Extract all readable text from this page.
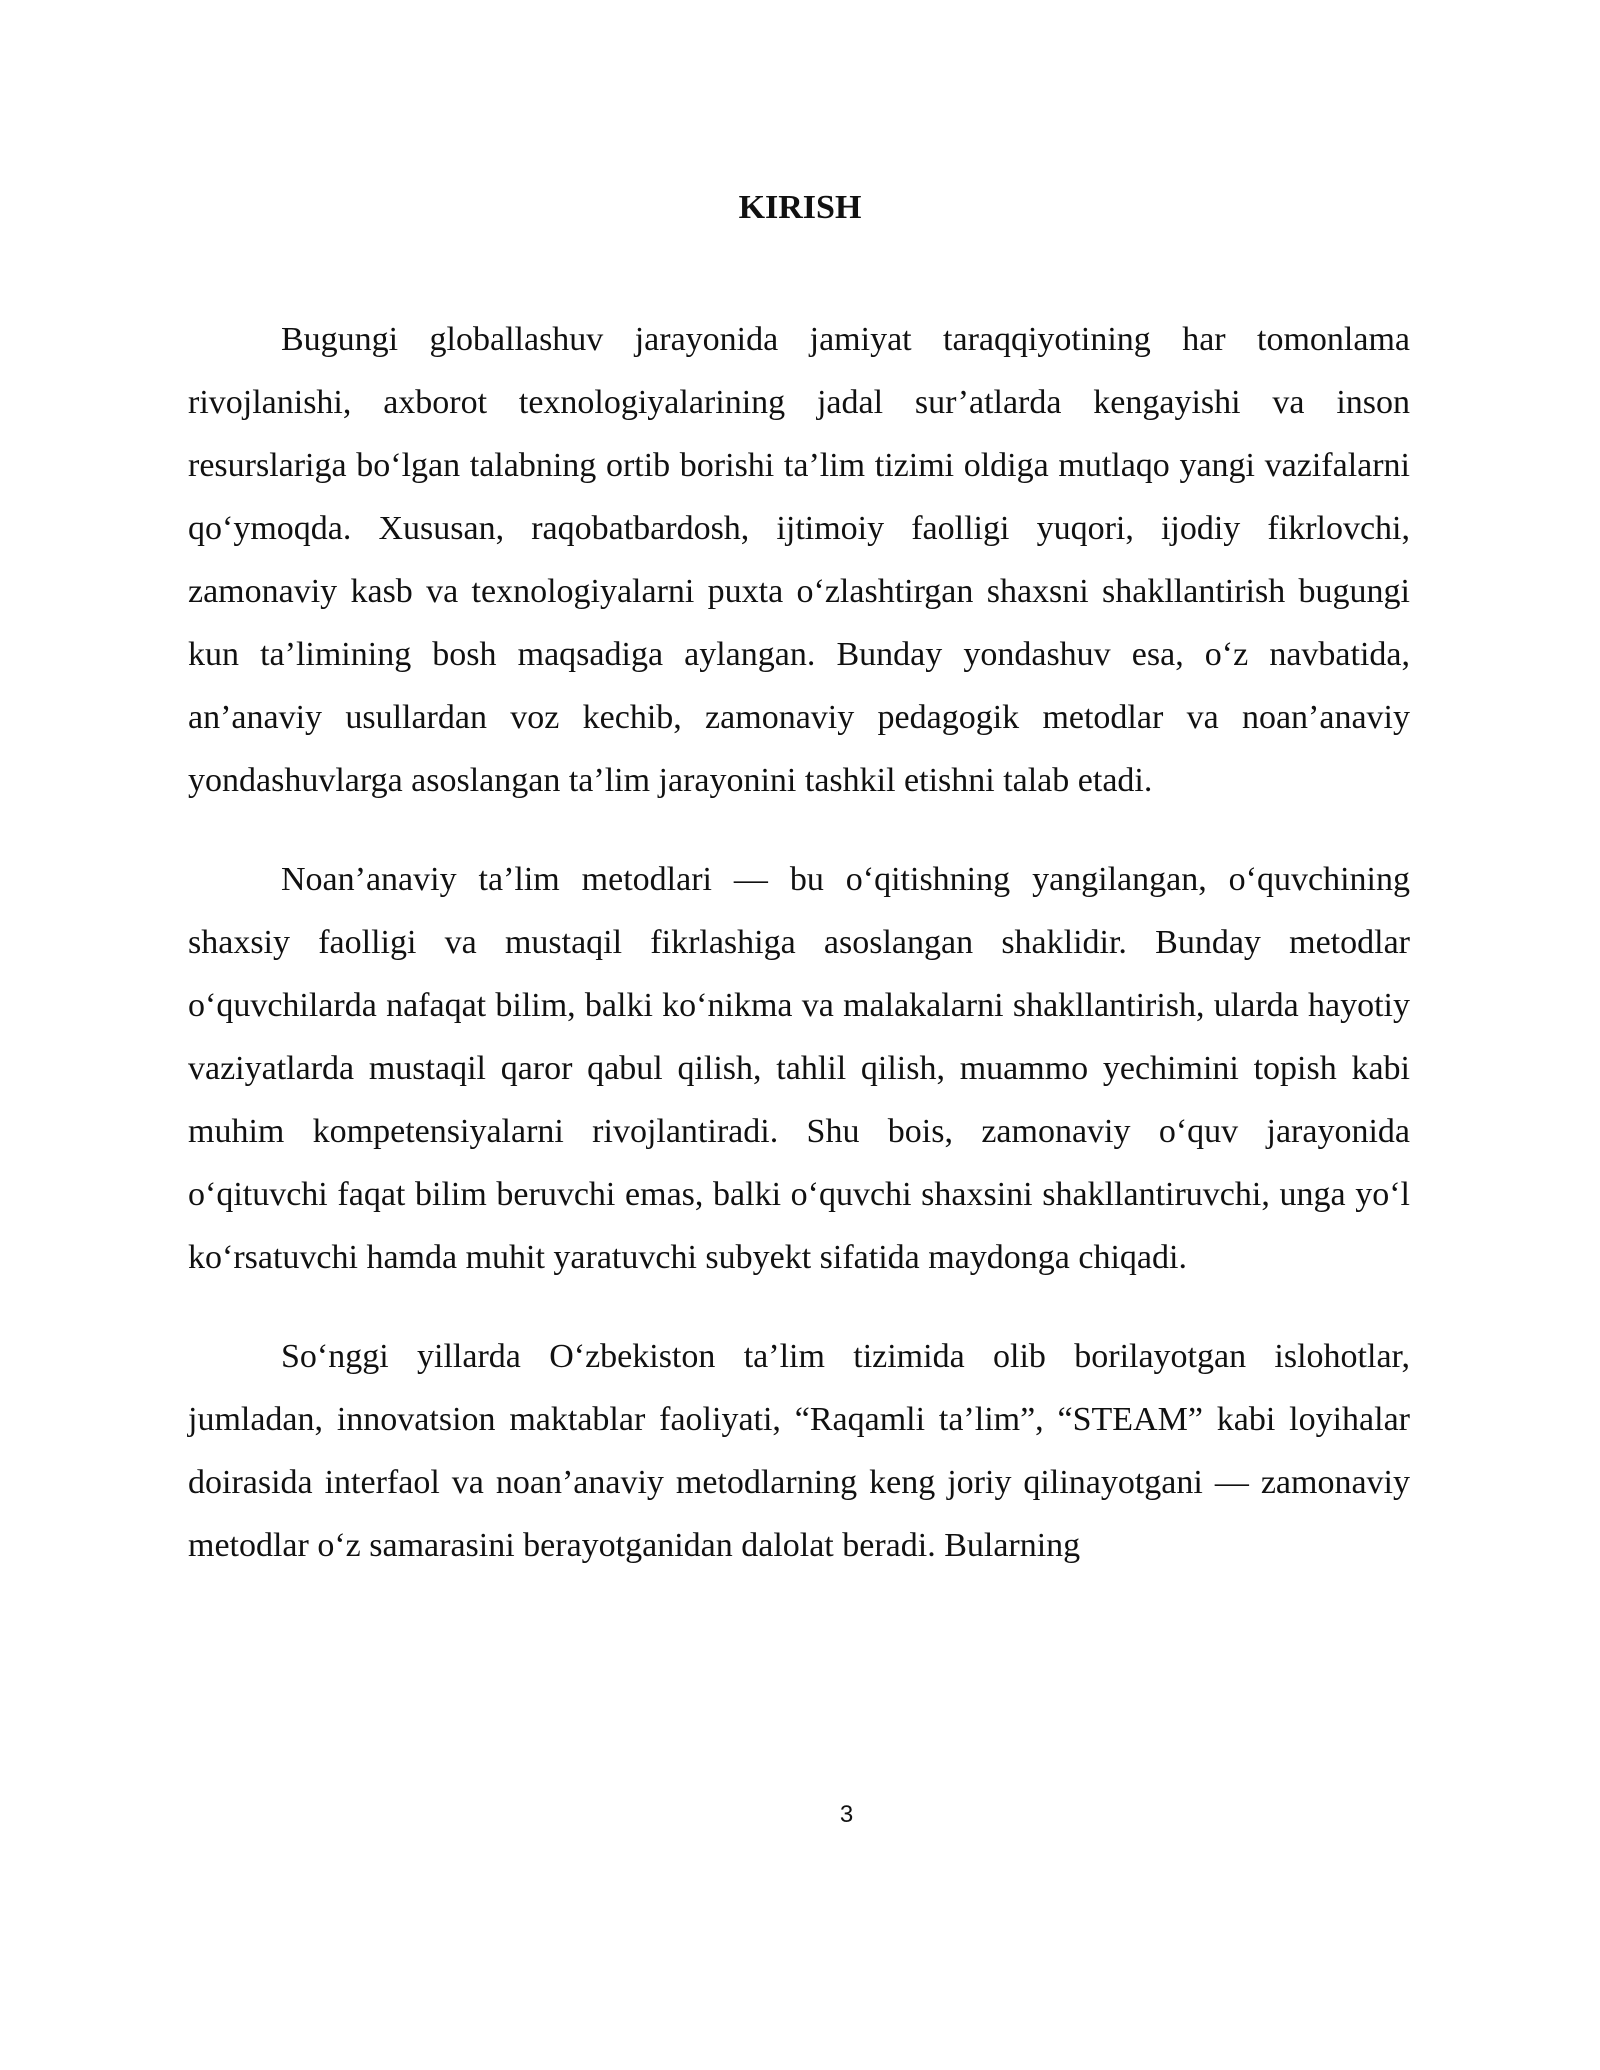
KIRISH

Bugungi globallashuv jarayonida jamiyat taraqqiyotining har tomonlama rivojlanishi, axborot texnologiyalarining jadal sur’atlarda kengayishi va inson resurslariga bo‘lgan talabning ortib borishi ta’lim tizimi oldiga mutlaqo yangi vazifalarni qo‘ymoqda. Xususan, raqobatbardosh, ijtimoiy faolligi yuqori, ijodiy fikrlovchi, zamonaviy kasb va texnologiyalarni puxta o‘zlashtirgan shaxsni shakllantirish bugungi kun ta’limining bosh maqsadiga aylangan. Bunday yondashuv esa, o‘z navbatida, an’anaviy usullardan voz kechib, zamonaviy pedagogik metodlar va noan’anaviy yondashuvlarga asoslangan ta’lim jarayonini tashkil etishni talab etadi.

Noan’anaviy ta’lim metodlari — bu o‘qitishning yangilangan, o‘quvchining shaxsiy faolligi va mustaqil fikrlashiga asoslangan shaklidir. Bunday metodlar o‘quvchilarda nafaqat bilim, balki ko‘nikma va malakalarni shakllantirish, ularda hayotiy vaziyatlarda mustaqil qaror qabul qilish, tahlil qilish, muammo yechimini topish kabi muhim kompetensiyalarni rivojlantiradi. Shu bois, zamonaviy o‘quv jarayonida o‘qituvchi faqat bilim beruvchi emas, balki o‘quvchi shaxsini shakllantiruvchi, unga yo‘l ko‘rsatuvchi hamda muhit yaratuvchi subyekt sifatida maydonga chiqadi.

So‘nggi yillarda O‘zbekiston ta’lim tizimida olib borilayotgan islohotlar, jumladan, innovatsion maktablar faoliyati, “Raqamli ta’lim”, “STEAM” kabi loyihalar doirasida interfaol va noan’anaviy metodlarning keng joriy qilinayotgani — zamonaviy metodlar o‘z samarasini berayotganidan dalolat beradi. Bularning

3
